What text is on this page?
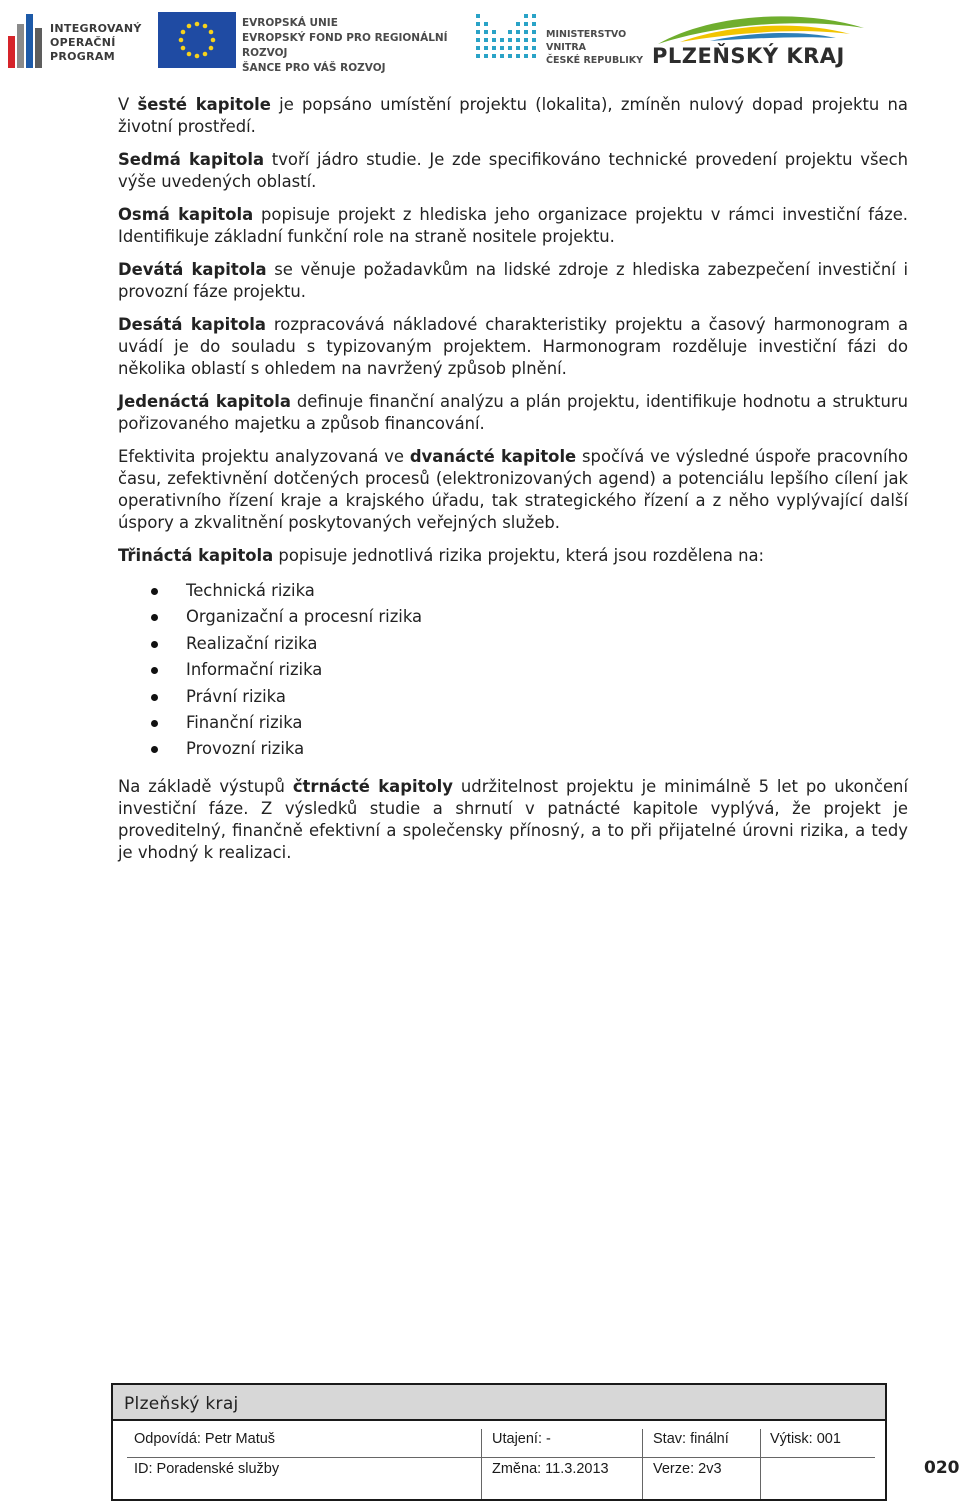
INTEGROVANÝ
OPERAČNÍ
PROGRAM
EVROPSKÁ UNIE
EVROPSKÝ FOND PRO REGIONÁLNÍ ROZVOJ
ŠANCE PRO VÁŠ ROZVOJ
MINISTERSTVO VNITRA
ČESKÉ REPUBLIKY PLZEŇSKÝ KRAJ

V šesté kapitole je popsáno umístění projektu (lokalita), zmíněn nulový dopad projektu na životní prostředí.

Sedmá kapitola tvoří jádro studie. Je zde specifikováno technické provedení projektu všech výše uvedených oblastí.

Osmá kapitola popisuje projekt z hlediska jeho organizace projektu v rámci investiční fáze. Identifikuje základní funkční role na straně nositele projektu.

Devátá kapitola se věnuje požadavkům na lidské zdroje z hlediska zabezpečení investiční i provozní fáze projektu.

Desátá kapitola rozpracovává nákladové charakteristiky projektu a časový harmonogram a uvádí je do souladu s typizovaným projektem. Harmonogram rozděluje investiční fázi do několika oblastí s ohledem na navržený způsob plnění.

Jedenáctá kapitola definuje finanční analýzu a plán projektu, identifikuje hodnotu a strukturu pořizovaného majetku a způsob financování.

Efektivita projektu analyzovaná ve dvanácté kapitole spočívá ve výsledné úspoře pracovního času, zefektivnění dotčených procesů (elektronizovaných agend) a potenciálu lepšího cílení jak operativního řízení kraje a krajského úřadu, tak strategického řízení a z něho vyplývající další úspory a zkvalitnění poskytovaných veřejných služeb.

Třináctá kapitola popisuje jednotlivá rizika projektu, která jsou rozdělena na:

Technická rizika
Organizační a procesní rizika
Realizační rizika
Informační rizika
Právní rizika
Finanční rizika
Provozní rizika

Na základě výstupů čtrnácté kapitoly udržitelnost projektu je minimálně 5 let po ukončení investiční fáze. Z výsledků studie a shrnutí v patnácté kapitole vyplývá, že projekt je proveditelný, finančně efektivní a společensky přínosný, a to při přijatelné úrovni rizika, a tedy je vhodný k realizaci.

Plzeňský kraj
Odpovídá: Petr Matuš	Utajení: -	Stav: finální	Výtisk: 001
ID: Poradenské služby	Změna: 11.3.2013	Verze: 2v3	020
